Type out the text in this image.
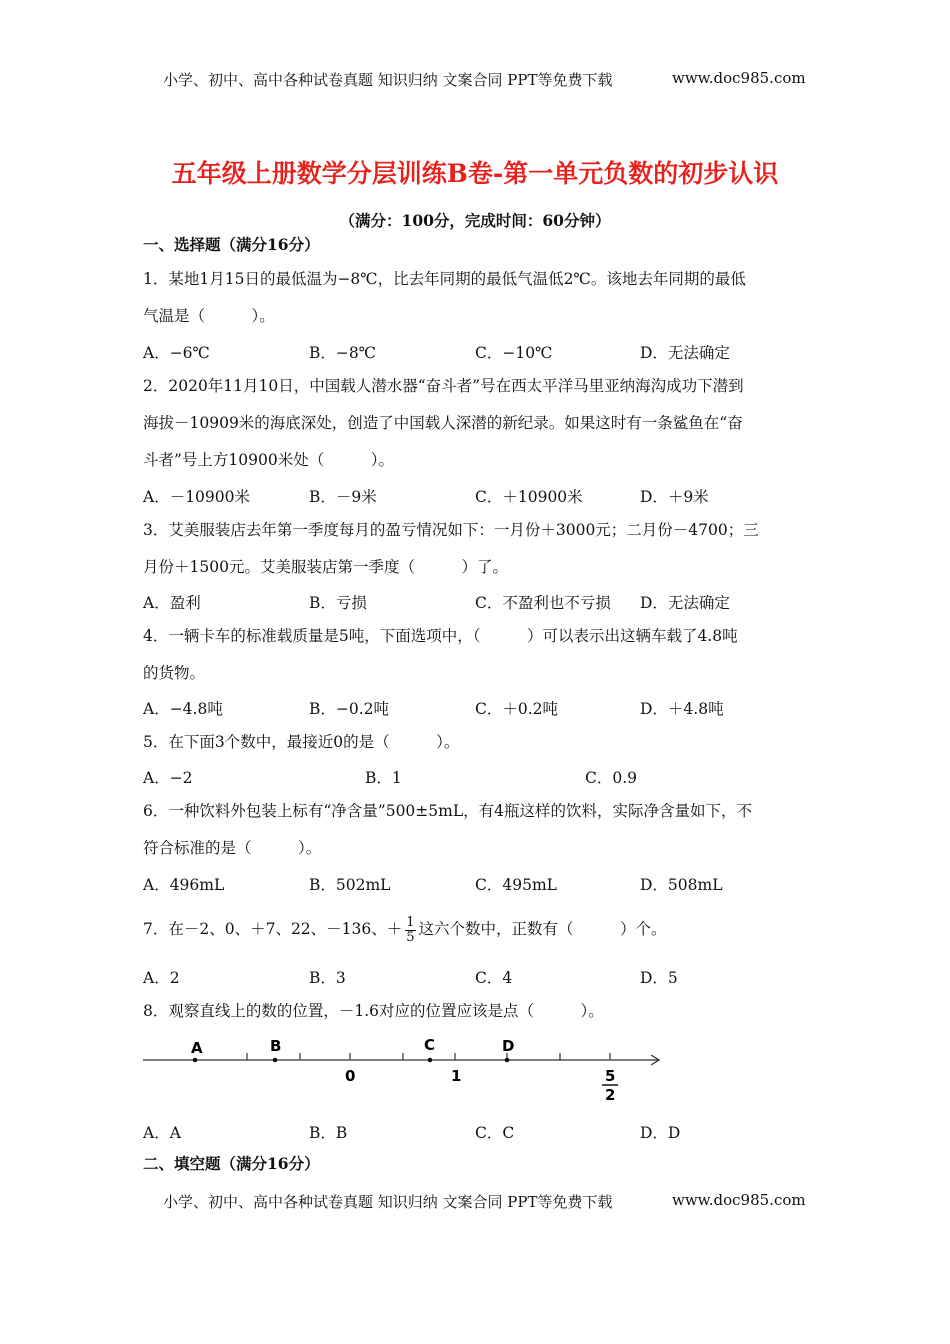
小学、初中、高中各种试卷真题 知识归纳 文案合同 PPT等免费下载	www.doc985.com
五年级上册数学分层训练B卷-第一单元负数的初步认识
（满分：100分，完成时间：60分钟）
一、选择题（满分16分）
1．某地1月15日的最低温为−8℃，比去年同期的最低气温低2℃。该地去年同期的最低
气温是（　　　）。
A．−6℃	B．−8℃	C．−10℃	D．无法确定
2．2020年11月10日，中国载人潜水器“奋斗者”号在西太平洋马里亚纳海沟成功下潜到
海拔－10909米的海底深处，创造了中国载人深潜的新纪录。如果这时有一条鲨鱼在“奋
斗者”号上方10900米处（　　　）。
A．－10900米	B．－9米	C．＋10900米	D．＋9米
3．艾美服装店去年第一季度每月的盈亏情况如下：一月份＋3000元；二月份－4700；三
月份＋1500元。艾美服装店第一季度（　　　）了。
A．盈利	B．亏损	C．不盈利也不亏损 D．无法确定
4．一辆卡车的标准载质量是5吨，下面选项中，（　　　）可以表示出这辆车载了4.8吨
的货物。
A．−4.8吨	B．−0.2吨	C．＋0.2吨	D．＋4.8吨
5．在下面3个数中，最接近0的是（　　　）。
A．−2	B．1	C．0.9
6．一种饮料外包装上标有“净含量”500±5mL，有4瓶这样的饮料，实际净含量如下，不
符合标准的是（　　　）。
A．496mL	B．502mL	C．495mL	D．508mL
7．在－2、0、＋7、22、－136、＋ $\frac{1}{5}$ 这六个数中，正数有（　　　）个。
A．2	B．3	C．4	D．5
8．观察直线上的数的位置，－1.6对应的位置应该是点（　　　）。
A	B	C	D
0	1	5
2
A．A	B．B	C．C	D．D
二、填空题（满分16分）
小学、初中、高中各种试卷真题 知识归纳 文案合同 PPT等免费下载	www.doc985.com
